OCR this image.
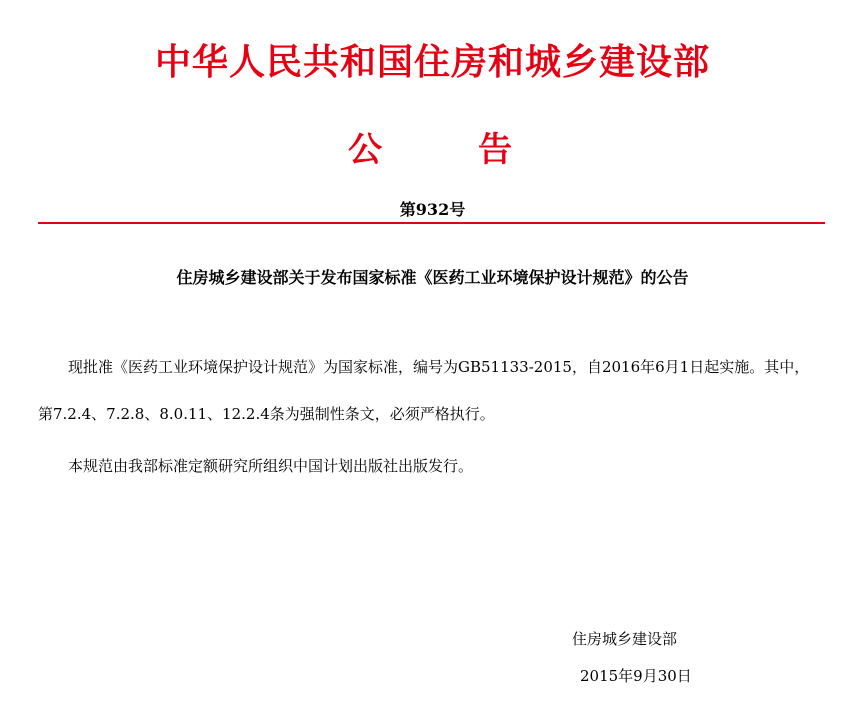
中华人民共和国住房和城乡建设部
公	告
第932号
住房城乡建设部关于发布国家标准《医药工业环境保护设计规范》的公告
现批准《医药工业环境保护设计规范》为国家标准，编号为GB51133-2015，自2016年6月1日起实施。其中，
第7.2.4、7.2.8、8.0.11、12.2.4条为强制性条文，必须严格执行。
本规范由我部标准定额研究所组织中国计划出版社出版发行。
住房城乡建设部
2015年9月30日
